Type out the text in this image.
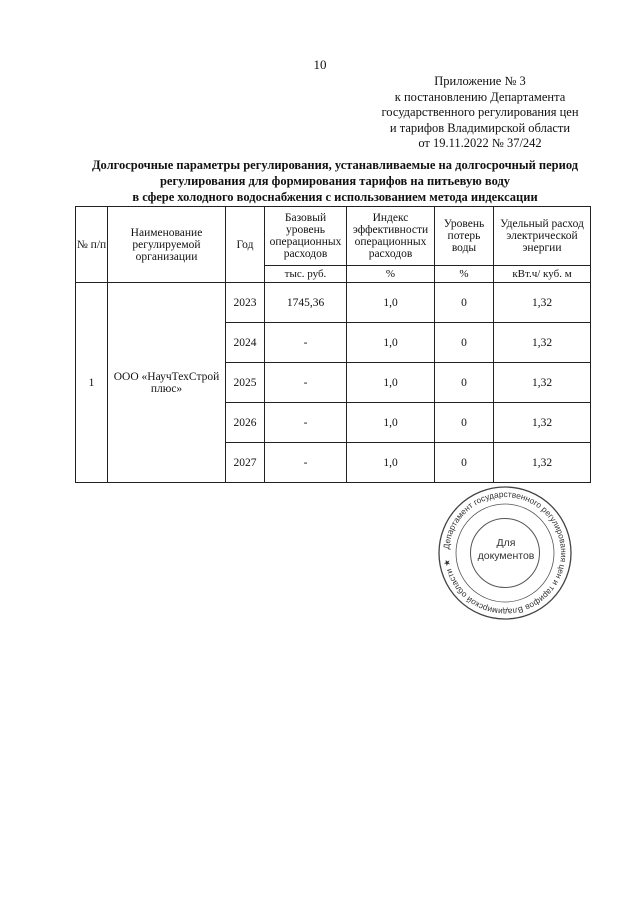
10
Приложение № 3
к постановлению Департамента
государственного регулирования цен
и тарифов Владимирской области
от 19.11.2022 № 37/242
Долгосрочные параметры регулирования, устанавливаемые на долгосрочный период
регулирования для формирования тарифов на питьевую воду
в сфере холодного водоснабжения с использованием метода индексации
№ п/п	Наименование регулируемой организации	Год	Базовый уровень операционных расходов	Индекс эффективности операционных расходов	Уровень потерь воды	Удельный расход электрической энергии
			тыс. руб.	%	%	кВт.ч/ куб. м
1	ООО «НаучТехСтрой плюс»	2023	1745,36	1,0	0	1,32
		2024	-	1,0	0	1,32
		2025	-	1,0	0	1,32
		2026	-	1,0	0	1,32
		2027	-	1,0	0	1,32
Департамент государственного регулирования цен и тарифов Владимирской области ★
Для
документов
